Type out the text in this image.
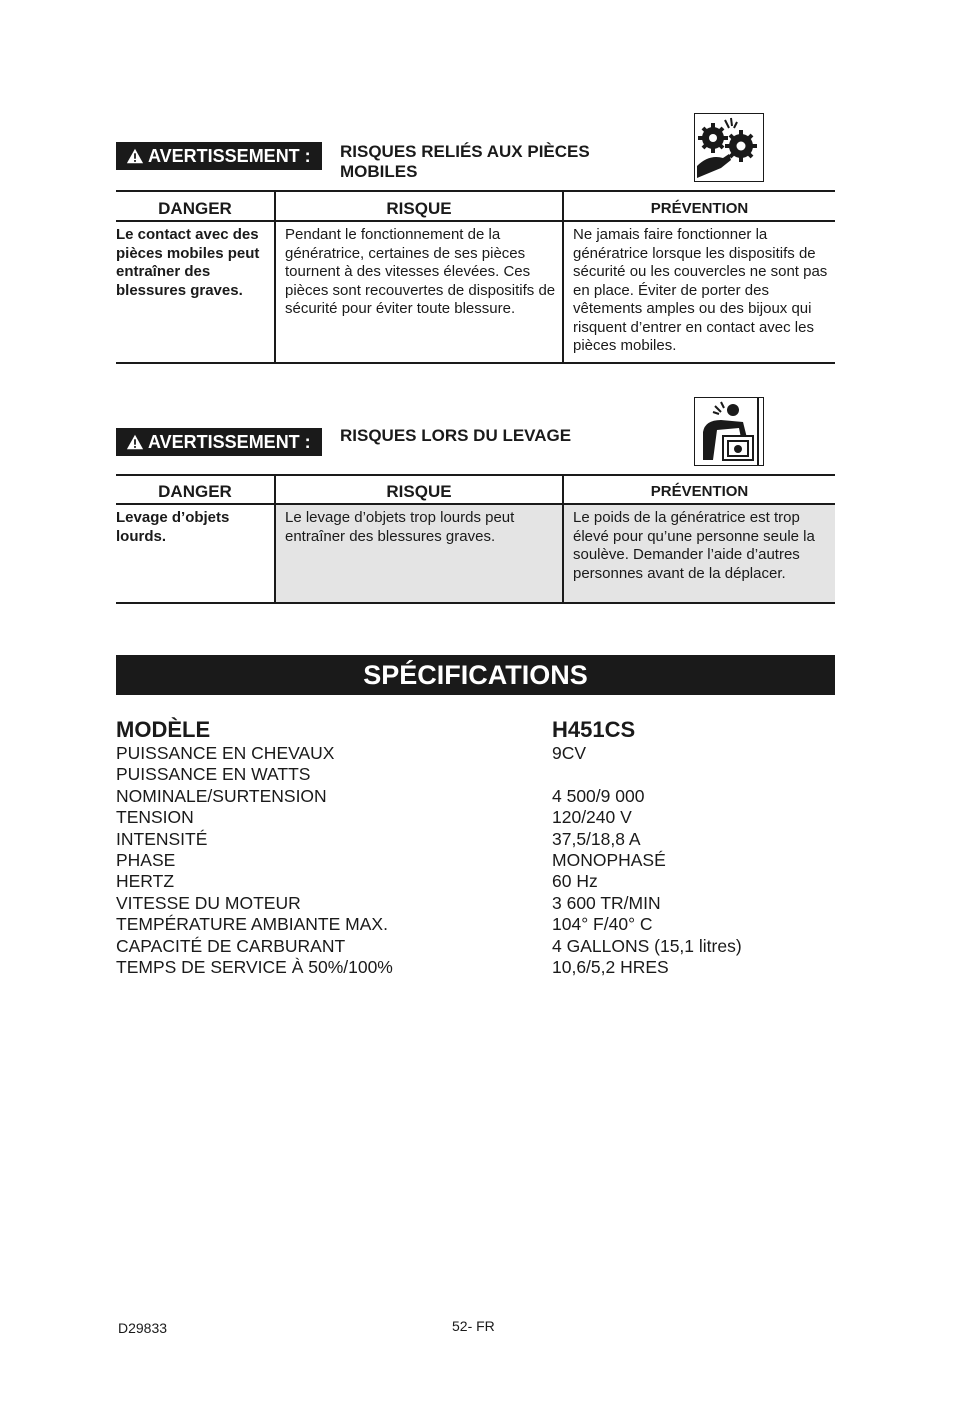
AVERTISSEMENT : RISQUES RELIÉS AUX PIÈCES MOBILES
DANGER	RISQUE	PRÉVENTION
Le contact avec des pièces mobiles peut entraîner des blessures graves.	Pendant le fonctionnement de la génératrice, certaines de ses pièces tournent à des vitesses élevées. Ces pièces sont recouvertes de dispositifs de sécurité pour éviter toute blessure.	Ne jamais faire fonctionner la génératrice lorsque les dispositifs de sécurité ou les couvercles ne sont pas en place. Éviter de porter des vêtements amples ou des bijoux qui risquent d’entrer en contact avec les pièces mobiles.
AVERTISSEMENT : RISQUES LORS DU LEVAGE
DANGER	RISQUE	PRÉVENTION
Levage d’objets lourds.	Le levage d’objets trop lourds peut entraîner des blessures graves.	Le poids de la génératrice est trop élevé pour qu’une personne seule la soulève. Demander l’aide d’autres personnes avant de la déplacer.
SPÉCIFICATIONS
MODÈLE	H451CS
PUISSANCE EN CHEVAUX	9CV
PUISSANCE EN WATTS
NOMINALE/SURTENSION	4 500/9 000
TENSION	120/240 V
INTENSITÉ	37,5/18,8 A
PHASE	MONOPHASÉ
HERTZ	60 Hz
VITESSE DU MOTEUR	3 600 TR/MIN
TEMPÉRATURE AMBIANTE MAX.	104° F/40° C
CAPACITÉ DE CARBURANT	4 GALLONS (15,1 litres)
TEMPS DE SERVICE À 50%/100%	10,6/5,2 HRES
D29833	52- FR
